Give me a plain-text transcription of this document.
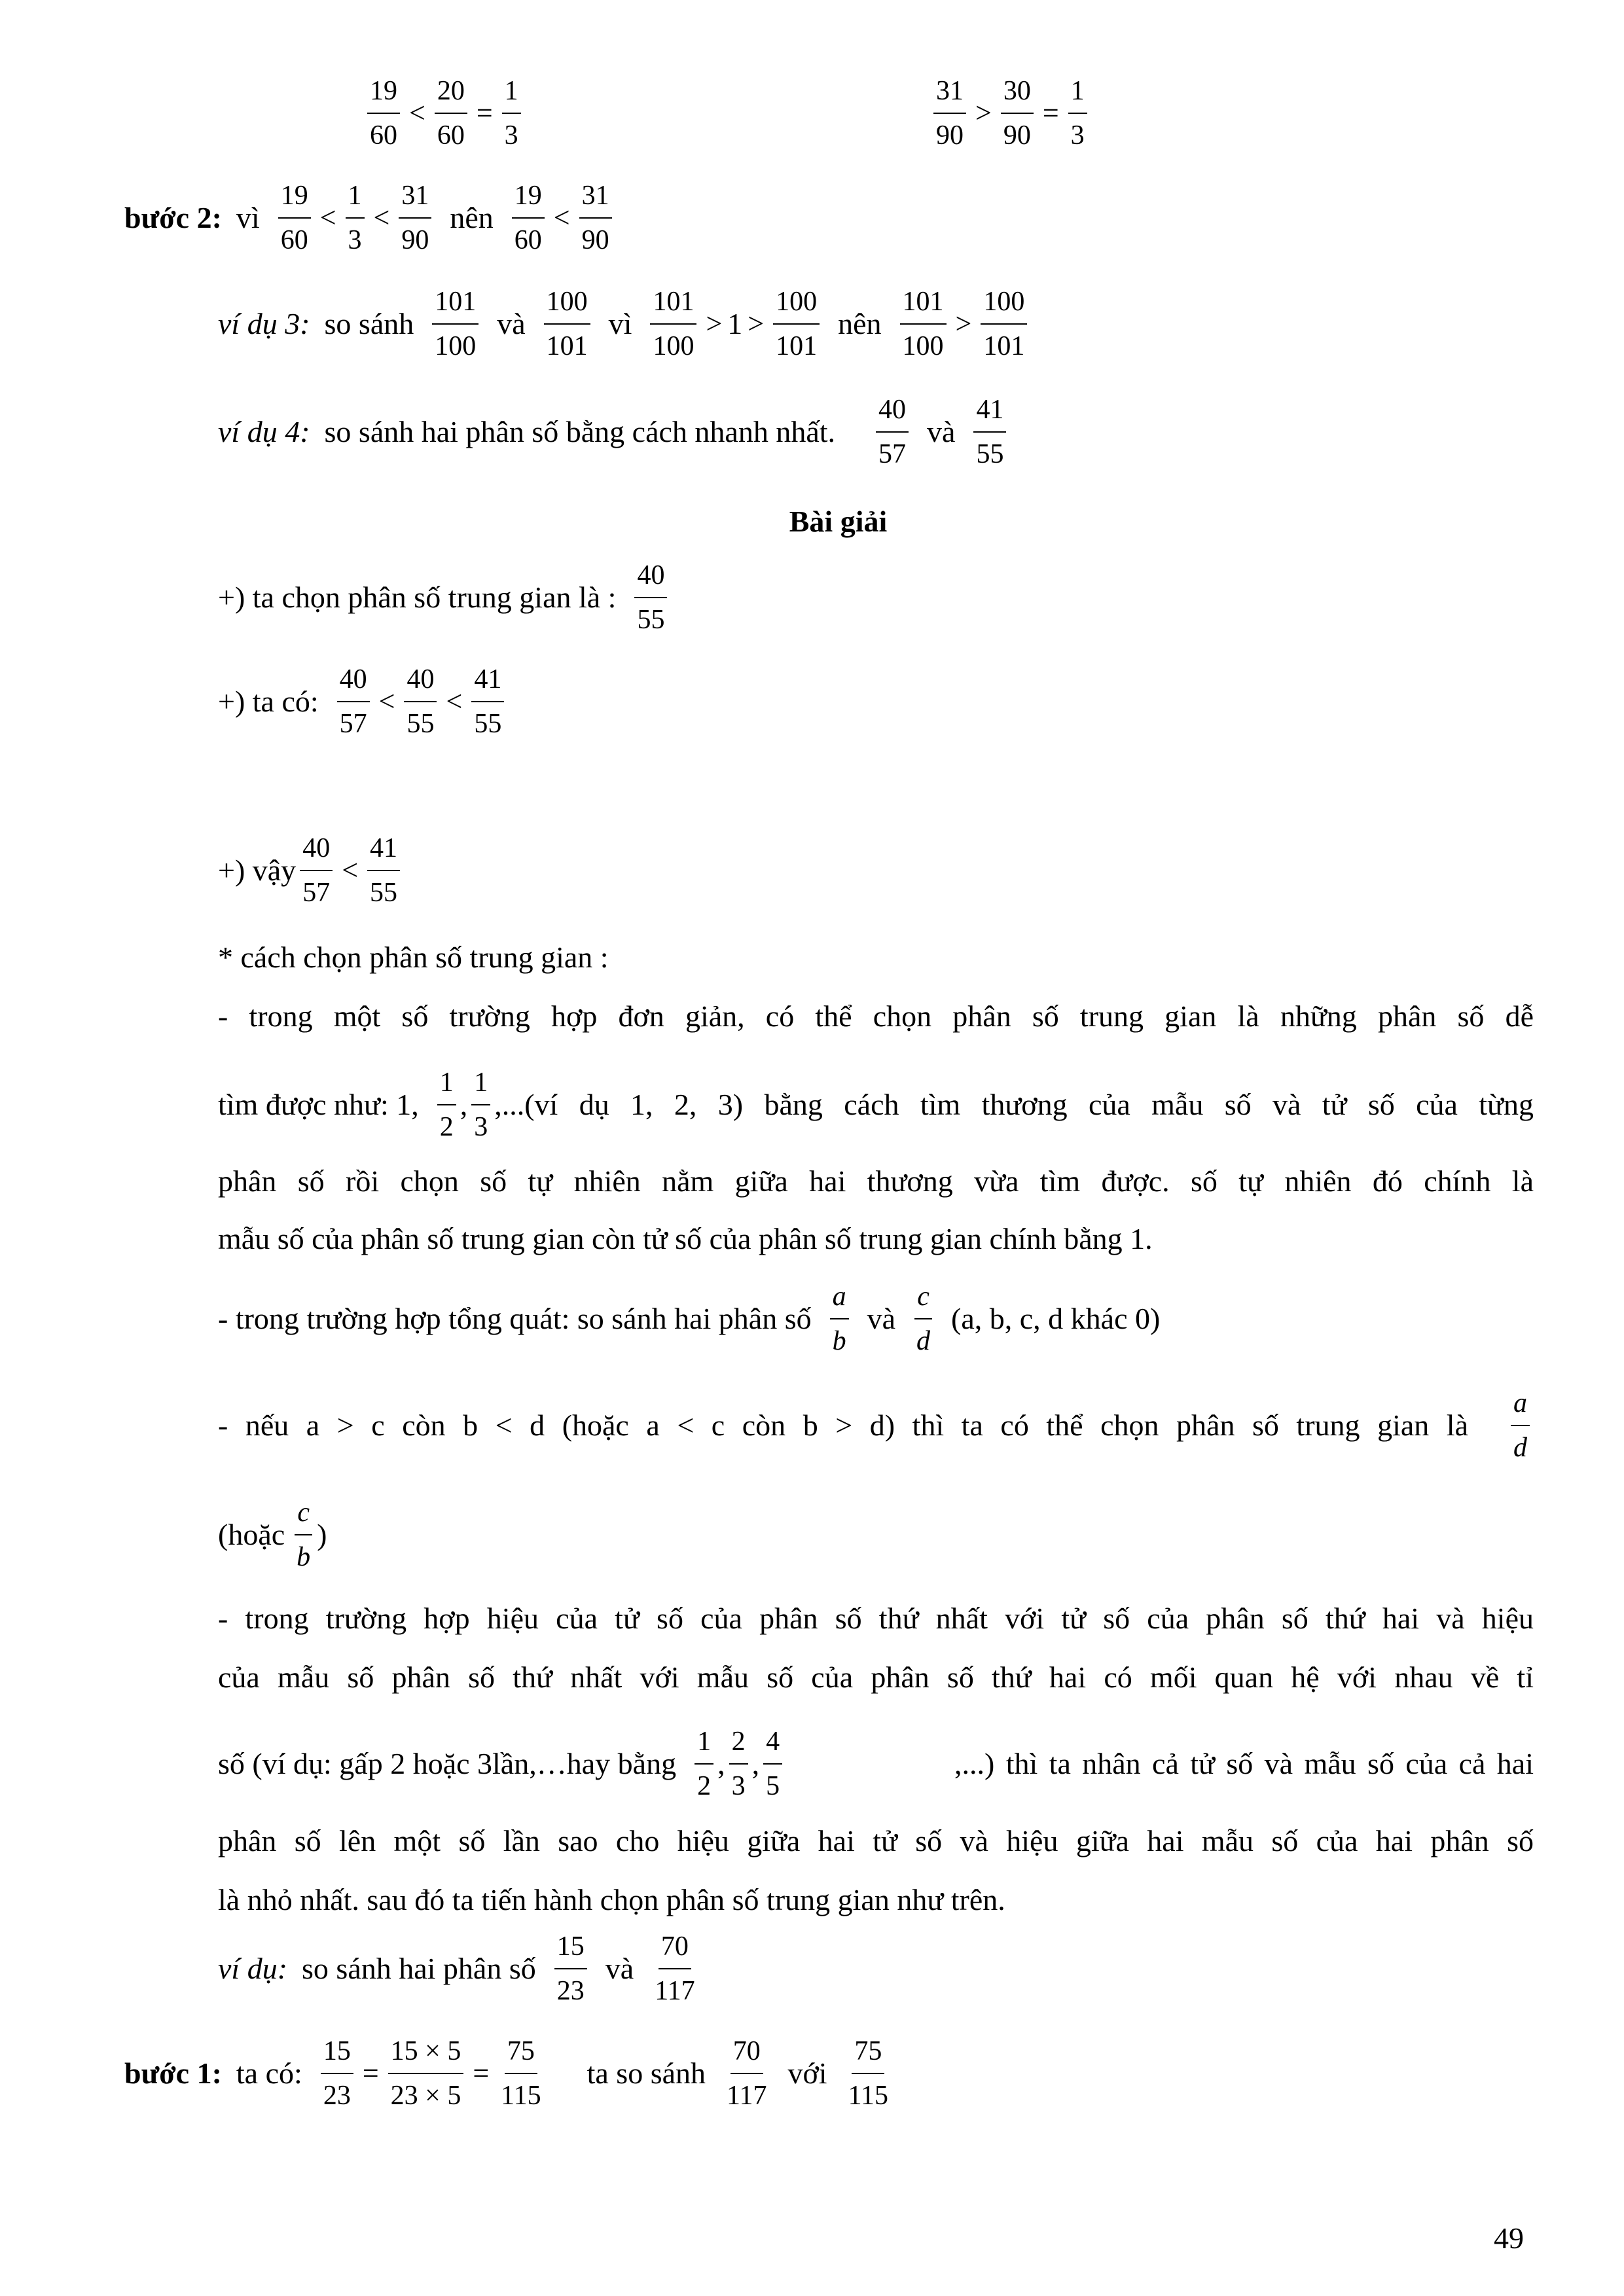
$\frac{19}{60} < \frac{20}{60} = \frac{1}{3}$	$\frac{31}{90} > \frac{30}{90} = \frac{1}{3}$
bước 2: vì $\frac{19}{60} < \frac{1}{3} < \frac{31}{90}$ nên $\frac{19}{60} < \frac{31}{90}$
ví dụ 3: so sánh $\frac{101}{100}$ và $\frac{100}{101}$ vì $\frac{101}{100} > 1 > \frac{100}{101}$ nên $\frac{101}{100} > \frac{100}{101}$
ví dụ 4: so sánh hai phân số bằng cách nhanh nhất. $\frac{40}{57}$ và $\frac{41}{55}$
Bài giải
+) ta chọn phân số trung gian là : $\frac{40}{55}$
+) ta có: $\frac{40}{57} < \frac{40}{55} < \frac{41}{55}$
+) vậy $\frac{40}{57} < \frac{41}{55}$
* cách chọn phân số trung gian :
- trong một số trường hợp đơn giản, có thể chọn phân số trung gian là những phân số dễ
tìm được như: 1, $\frac{1}{2}$ , $\frac{1}{3}$ ,... (ví dụ 1, 2, 3) bằng cách tìm thương của mẫu số và tử số của từng
phân số rồi chọn số tự nhiên nằm giữa hai thương vừa tìm được. số tự nhiên đó chính là
mẫu số của phân số trung gian còn tử số của phân số trung gian chính bằng 1.
- trong trường hợp tổng quát: so sánh hai phân số $\frac{a}{b}$ và $\frac{c}{d} (a$, b, c, d khác 0)
- nếu a > c còn b < d (hoặc a < c còn b > d) thì ta có thể chọn phân số trung gian là $\frac{a}{d}$
(hoặc $\frac{c}{b}$ )
- trong trường hợp hiệu của tử số của phân số thứ nhất với tử số của phân số thứ hai và hiệu
của mẫu số phân số thứ nhất với mẫu số của phân số thứ hai có mối quan hệ với nhau về tỉ
số (ví dụ: gấp 2 hoặc 3lần,…hay bằng $\frac{1}{2}$ , $\frac{2}{3}$ , $\frac{4}{5}$	,...) thì ta nhân cả tử số và mẫu số của cả hai
phân số lên một số lần sao cho hiệu giữa hai tử số và hiệu giữa hai mẫu số của hai phân số
là nhỏ nhất. sau đó ta tiến hành chọn phân số trung gian như trên.
ví dụ: so sánh hai phân số $\frac{15}{23}$ và $\frac{70}{117}$
bước 1: ta có: $\frac{15}{23} = \frac{15 \times 5}{23 \times 5} = \frac{75}{115}$ ta so sánh $\frac{70}{117}$ với $\frac{75}{115}$
49
